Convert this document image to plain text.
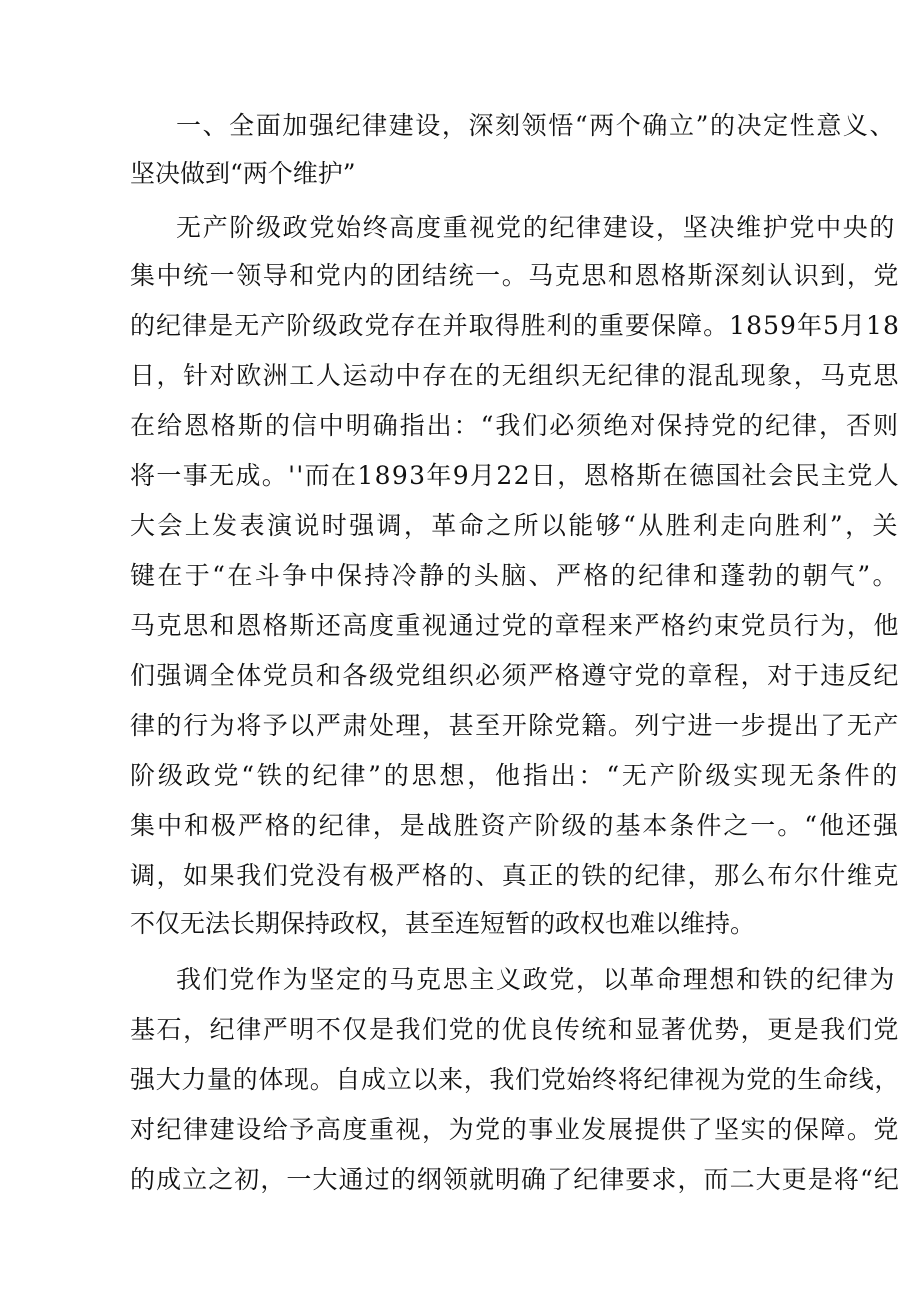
一、全面加强纪律建设，深刻领悟“两个确立”的决定性意义、
坚决做到“两个维护”
无产阶级政党始终高度重视党的纪律建设，坚决维护党中央的
集中统一领导和党内的团结统一。马克思和恩格斯深刻认识到，党
的纪律是无产阶级政党存在并取得胜利的重要保障。1859年5月18
日，针对欧洲工人运动中存在的无组织无纪律的混乱现象，马克思
在给恩格斯的信中明确指出：“我们必须绝对保持党的纪律，否则
将一事无成。''而在1893年9月22日，恩格斯在德国社会民主党人
大会上发表演说时强调，革命之所以能够“从胜利走向胜利”，关
键在于“在斗争中保持冷静的头脑、严格的纪律和蓬勃的朝气”。
马克思和恩格斯还高度重视通过党的章程来严格约束党员行为，他
们强调全体党员和各级党组织必须严格遵守党的章程，对于违反纪
律的行为将予以严肃处理，甚至开除党籍。列宁进一步提出了无产
阶级政党“铁的纪律”的思想，他指出：“无产阶级实现无条件的
集中和极严格的纪律，是战胜资产阶级的基本条件之一。“他还强
调，如果我们党没有极严格的、真正的铁的纪律，那么布尔什维克
不仅无法长期保持政权，甚至连短暂的政权也难以维持。
我们党作为坚定的马克思主义政党，以革命理想和铁的纪律为
基石，纪律严明不仅是我们党的优良传统和显著优势，更是我们党
强大力量的体现。自成立以来，我们党始终将纪律视为党的生命线，
对纪律建设给予高度重视，为党的事业发展提供了坚实的保障。党
的成立之初，一大通过的纲领就明确了纪律要求，而二大更是将“纪
